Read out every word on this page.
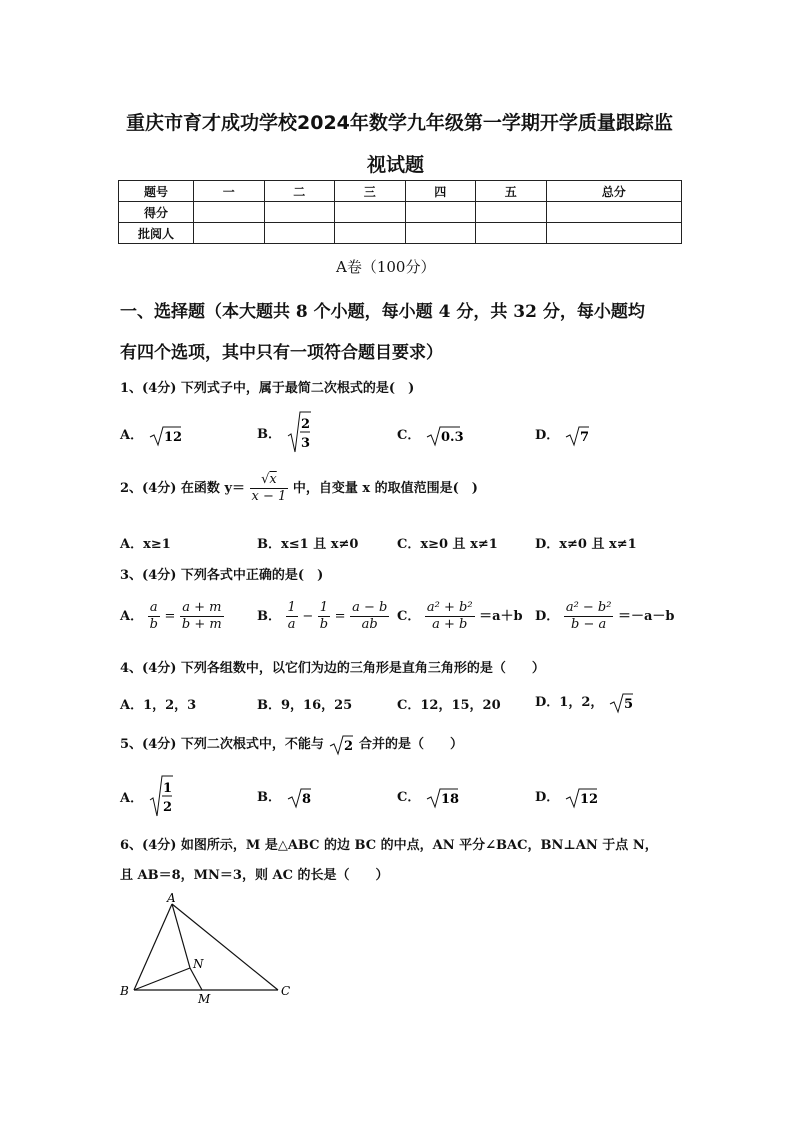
重庆市育才成功学校2024年数学九年级第一学期开学质量跟踪监
视试题
题号	一	二	三	四	五	总分
得分						
批阅人						
A卷（100分）
一、选择题（本大题共 8 个小题，每小题 4 分，共 32 分，每小题均
有四个选项，其中只有一项符合题目要求）
1、(4分) 下列式子中，属于最简二次根式的是(　)
A． 12	B．
2
3
C． 0.3	D． 7
2、(4分) 在函数 $y= \frac{√x}{x - 1}$ 中，自变量 x 的取值范围是(　)
A．x≥1	B．x≤1 且 x≠0	C．x≥0 且 x≠1	D．x≠0 且 x≠1
3、(4分) 下列各式中正确的是(　)
A． $\frac{a}{b} = \frac{a + m}{b + m}$	B． $\frac{1}{a} - \frac{1}{b} = \frac{a - b}{ab}$ C． $\frac{\text{a² + b²}}{a + b} =a+b$ D． $\frac{\text{a² − b²}}{b - a} =-a-b$
4、(4分) 下列各组数中，以它们为边的三角形是直角三角形的是（　　）
A．1，2，3	B．9，16，25	C．12，15，20	D．1，2， 5
5、(4分) 下列二次根式中，不能与 2 合并的是（　　）
A．
1
2
B． 8	C． 18	D． 12
6、(4分) 如图所示，M 是△ABC 的边 BC 的中点，AN 平分∠BAC，BN⊥AN 于点 N，
且 AB＝8，MN＝3，则 AC 的长是（　　）
A
B	C
M
N
